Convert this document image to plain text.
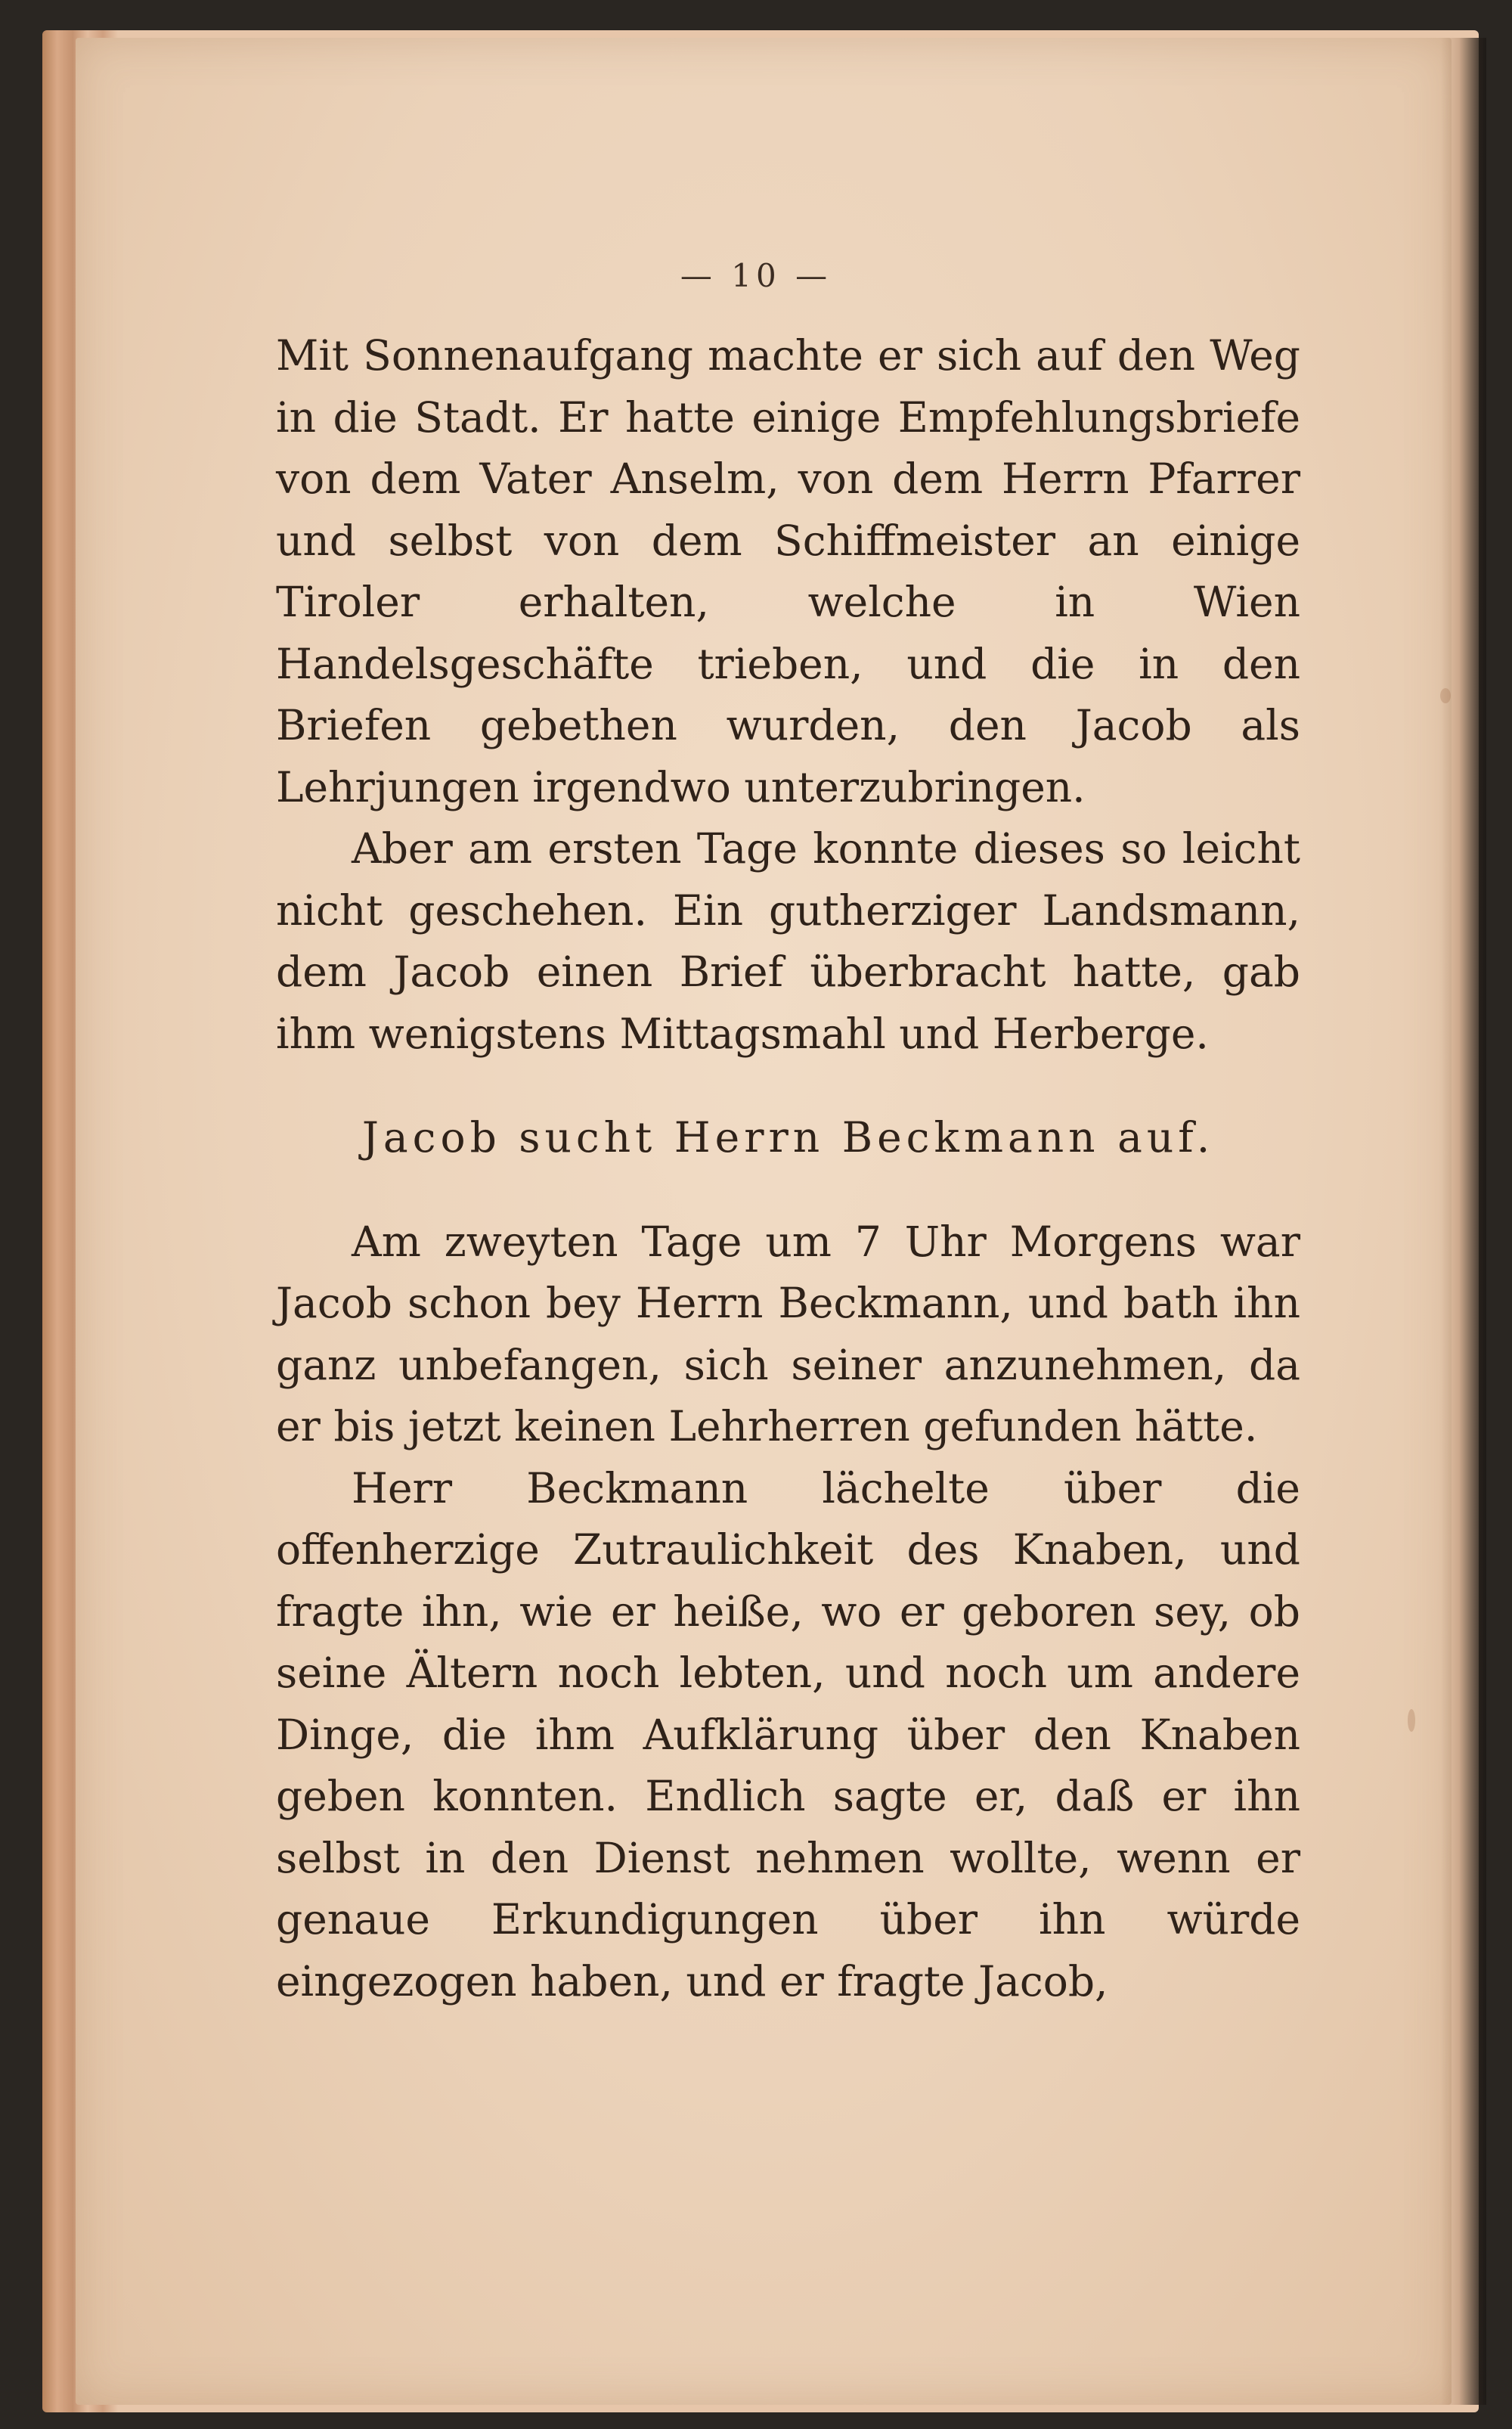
— 10 —

Mit Sonnenaufgang machte er sich auf den Weg in die Stadt. Er hatte einige Empfehlungsbriefe von dem Vater Anselm, von dem Herrn Pfarrer und selbst von dem Schiffmeister an einige Tiroler erhalten, welche in Wien Handelsgeschäfte trieben, und die in den Briefen gebethen wurden, den Jacob als Lehrjungen irgendwo unterzubringen.

Aber am ersten Tage konnte dieses so leicht nicht geschehen. Ein gutherziger Landsmann, dem Jacob einen Brief überbracht hatte, gab ihm wenigstens Mittagsmahl und Herberge.

Jacob sucht Herrn Beckmann auf.

Am zweyten Tage um 7 Uhr Morgens war Jacob schon bey Herrn Beckmann, und bath ihn ganz unbefangen, sich seiner anzunehmen, da er bis jetzt keinen Lehrherren gefunden hätte.

Herr Beckmann lächelte über die offenherzige Zutraulichkeit des Knaben, und fragte ihn, wie er heiße, wo er geboren sey, ob seine Ältern noch lebten, und noch um andere Dinge, die ihm Aufklärung über den Knaben geben konnten. Endlich sagte er, daß er ihn selbst in den Dienst nehmen wollte, wenn er genaue Erkundigungen über ihn würde eingezogen haben, und er fragte Jacob,
